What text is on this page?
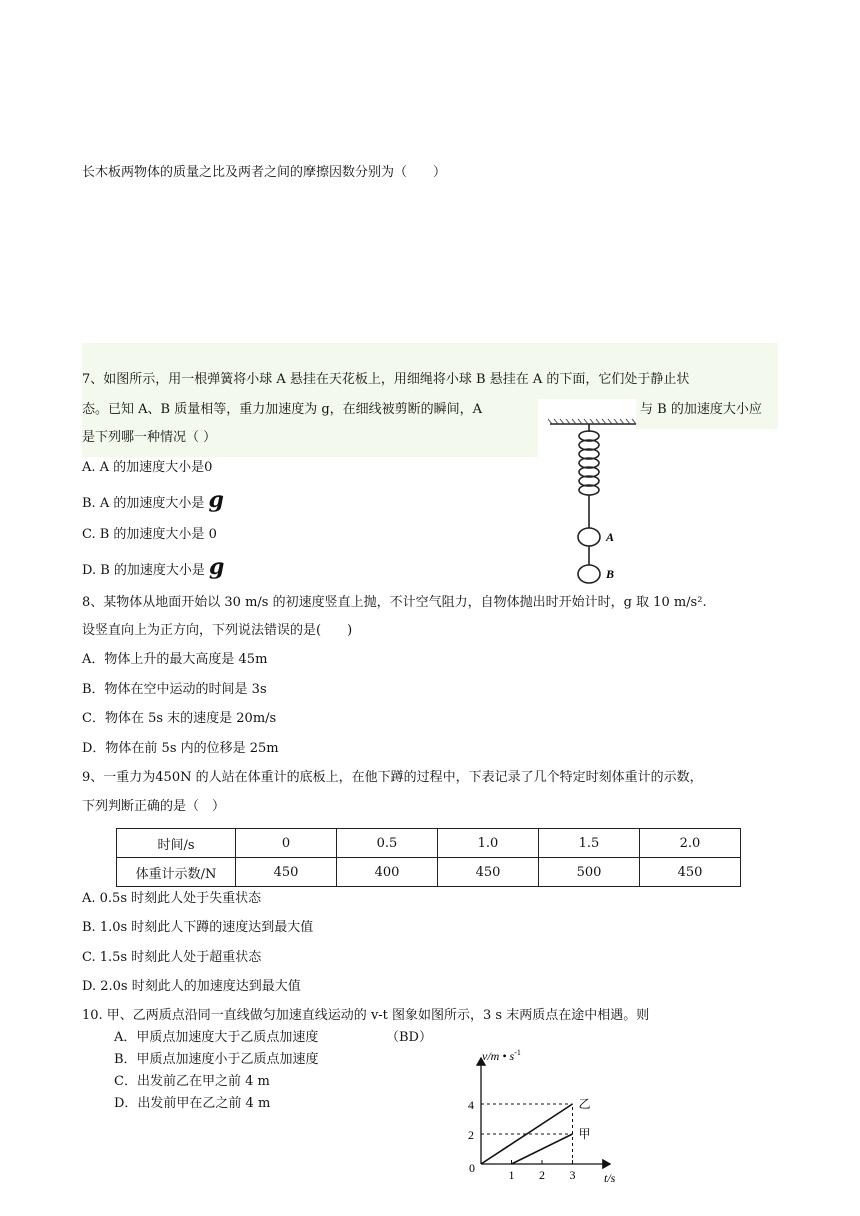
长木板两物体的质量之比及两者之间的摩擦因数分别为（　　）
7、如图所示，用一根弹簧将小球 A 悬挂在天花板上，用细绳将小球 B 悬挂在 A 的下面，它们处于静止状
态。已知 A、B 质量相等，重力加速度为 g，在细线被剪断的瞬间，A	与 B 的加速度大小应
是下列哪一种情况（ ）
A. A 的加速度大小是0
B. A 的加速度大小是 g
C. B 的加速度大小是 0
D. B 的加速度大小是 g
A
B
8、某物体从地面开始以 30 m/s 的初速度竖直上抛，不计空气阻力，自物体抛出时开始计时，g 取 10 m/s².
设竖直向上为正方向，下列说法错误的是(　　)
A．物体上升的最大高度是 45m
B．物体在空中运动的时间是 3s
C．物体在 5s 末的速度是 20m/s
D．物体在前 5s 内的位移是 25m
9、一重力为450N 的人站在体重计的底板上，在他下蹲的过程中，下表记录了几个特定时刻体重计的示数，
下列判断正确的是（　）
时间/s	0	0.5	1.0	1.5	2.0
体重计示数/N	450	400	450	500	450
A. 0.5s 时刻此人处于失重状态
B. 1.0s 时刻此人下蹲的速度达到最大值
C. 1.5s 时刻此人处于超重状态
D. 2.0s 时刻此人的加速度达到最大值
10. 甲、乙两质点沿同一直线做匀加速直线运动的 v-t 图象如图所示，3 s 末两质点在途中相遇。则
A．甲质点加速度大于乙质点加速度	（BD）
B．甲质点加速度小于乙质点加速度
C．出发前乙在甲之前 4 m
D．出发前甲在乙之前 4 m
1 2 3
2
4	乙
甲
v/m • $s^{-1}$
t/s
0
